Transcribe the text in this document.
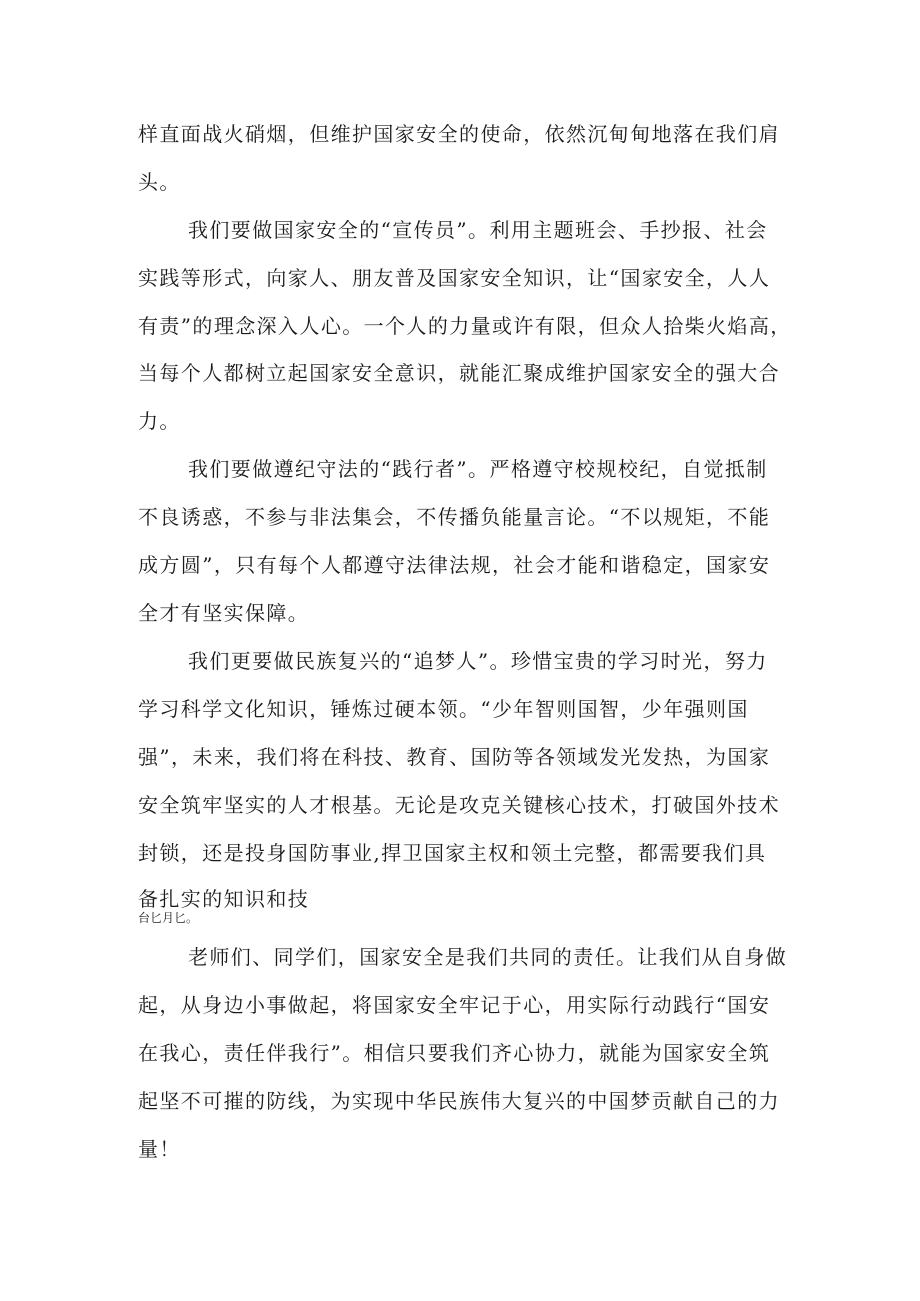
样直面战火硝烟，但维护国家安全的使命，依然沉甸甸地落在我们肩
头。
我们要做国家安全的“宣传员”。利用主题班会、手抄报、社会
实践等形式，向家人、朋友普及国家安全知识，让“国家安全，人人
有责”的理念深入人心。一个人的力量或许有限，但众人拾柴火焰高，
当每个人都树立起国家安全意识，就能汇聚成维护国家安全的强大合
力。
我们要做遵纪守法的“践行者”。严格遵守校规校纪，自觉抵制
不良诱惑，不参与非法集会，不传播负能量言论。“不以规矩，不能
成方圆”，只有每个人都遵守法律法规，社会才能和谐稳定，国家安
全才有坚实保障。
我们更要做民族复兴的“追梦人”。珍惜宝贵的学习时光，努力
学习科学文化知识，锤炼过硬本领。“少年智则国智，少年强则国
强”，未来，我们将在科技、教育、国防等各领域发光发热，为国家
安全筑牢坚实的人才根基。无论是攻克关键核心技术，打破国外技术
封锁，还是投身国防事业,捍卫国家主权和领土完整，都需要我们具
备扎实的知识和技
台匕月匕。
老师们、同学们，国家安全是我们共同的责任。让我们从自身做
起，从身边小事做起，将国家安全牢记于心，用实际行动践行“国安
在我心，责任伴我行”。相信只要我们齐心协力，就能为国家安全筑
起坚不可摧的防线，为实现中华民族伟大复兴的中国梦贡献自己的力
量！
